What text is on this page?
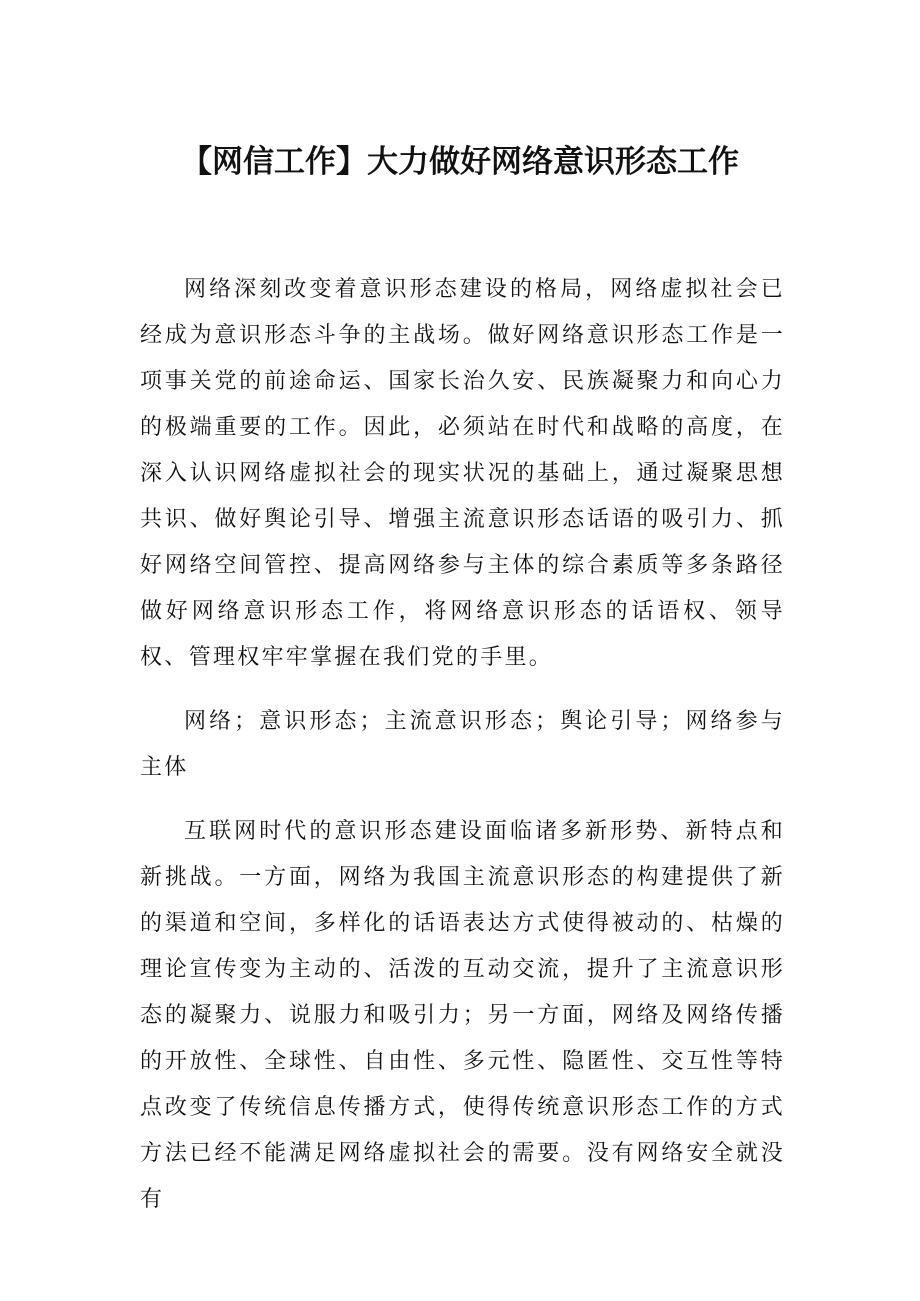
【网信工作】大力做好网络意识形态工作

网络深刻改变着意识形态建设的格局，网络虚拟社会已经成为意识形态斗争的主战场。做好网络意识形态工作是一项事关党的前途命运、国家长治久安、民族凝聚力和向心力的极端重要的工作。因此，必须站在时代和战略的高度，在深入认识网络虚拟社会的现实状况的基础上，通过凝聚思想共识、做好舆论引导、增强主流意识形态话语的吸引力、抓好网络空间管控、提高网络参与主体的综合素质等多条路径做好网络意识形态工作，将网络意识形态的话语权、领导权、管理权牢牢掌握在我们党的手里。

网络；意识形态；主流意识形态；舆论引导；网络参与主体

互联网时代的意识形态建设面临诸多新形势、新特点和新挑战。一方面，网络为我国主流意识形态的构建提供了新的渠道和空间，多样化的话语表达方式使得被动的、枯燥的理论宣传变为主动的、活泼的互动交流，提升了主流意识形态的凝聚力、说服力和吸引力；另一方面，网络及网络传播的开放性、全球性、自由性、多元性、隐匿性、交互性等特点改变了传统信息传播方式，使得传统意识形态工作的方式方法已经不能满足网络虚拟社会的需要。没有网络安全就没有
